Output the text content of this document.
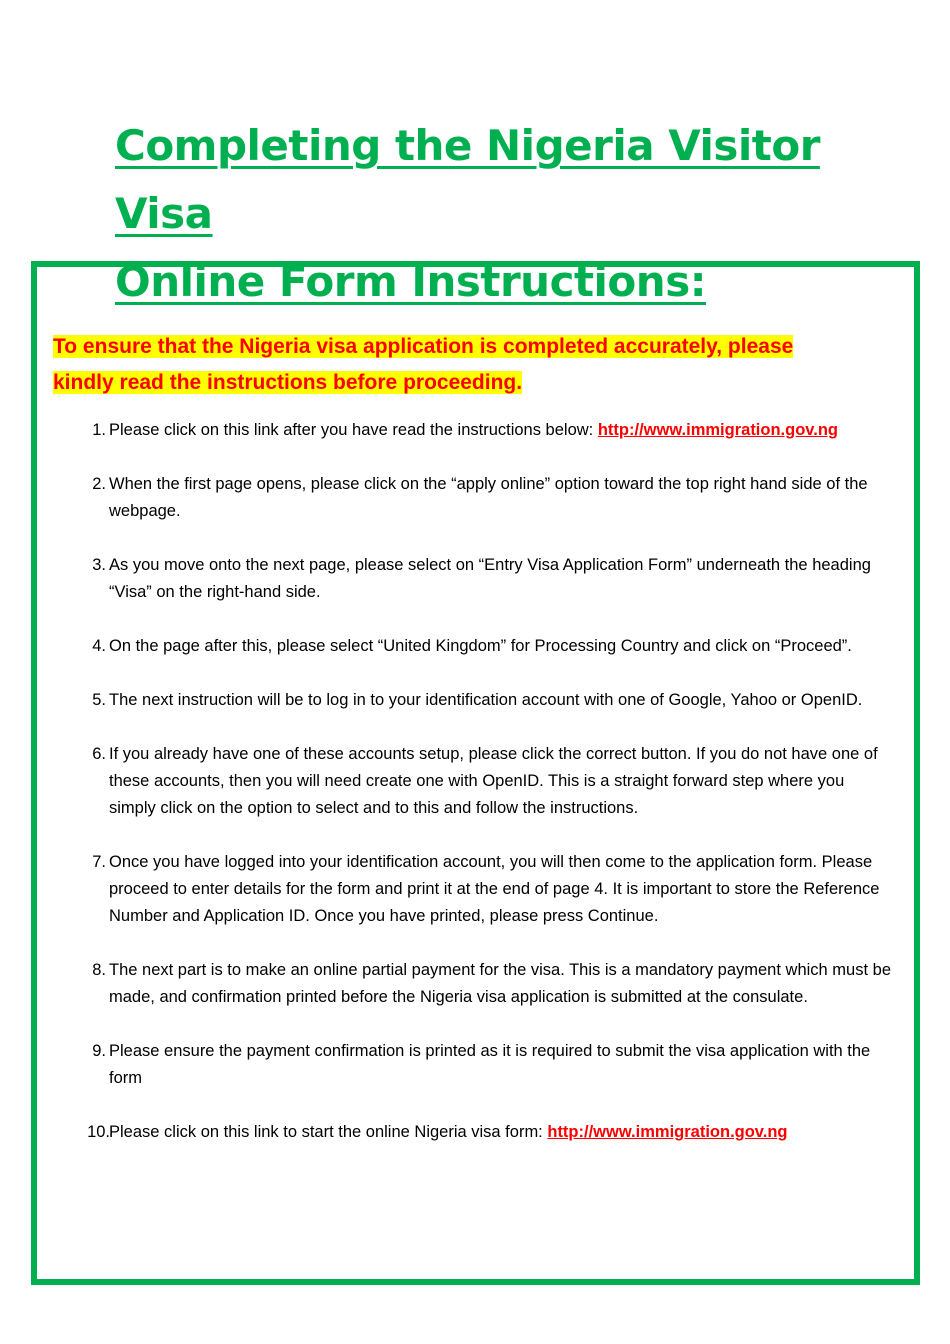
Completing the Nigeria Visitor Visa
Online Form Instructions:

To ensure that the Nigeria visa application is completed accurately, please
kindly read the instructions before proceeding.

1. Please click on this link after you have read the instructions below: http://www.immigration.gov.ng
2. When the first page opens, please click on the “apply online” option toward the top right hand side of the webpage.
3. As you move onto the next page, please select on “Entry Visa Application Form” underneath the heading “Visa” on the right-hand side.
4. On the page after this, please select “United Kingdom” for Processing Country and click on “Proceed”.
5. The next instruction will be to log in to your identification account with one of Google, Yahoo or OpenID.
6. If you already have one of these accounts setup, please click the correct button. If you do not have one of these accounts, then you will need create one with OpenID. This is a straight forward step where you simply click on the option to select and to this and follow the instructions.
7. Once you have logged into your identification account, you will then come to the application form. Please proceed to enter details for the form and print it at the end of page 4. It is important to store the Reference Number and Application ID. Once you have printed, please press Continue.
8. The next part is to make an online partial payment for the visa. This is a mandatory payment which must be made, and confirmation printed before the Nigeria visa application is submitted at the consulate.
9. Please ensure the payment confirmation is printed as it is required to submit the visa application with the form
10. Please click on this link to start the online Nigeria visa form: http://www.immigration.gov.ng
